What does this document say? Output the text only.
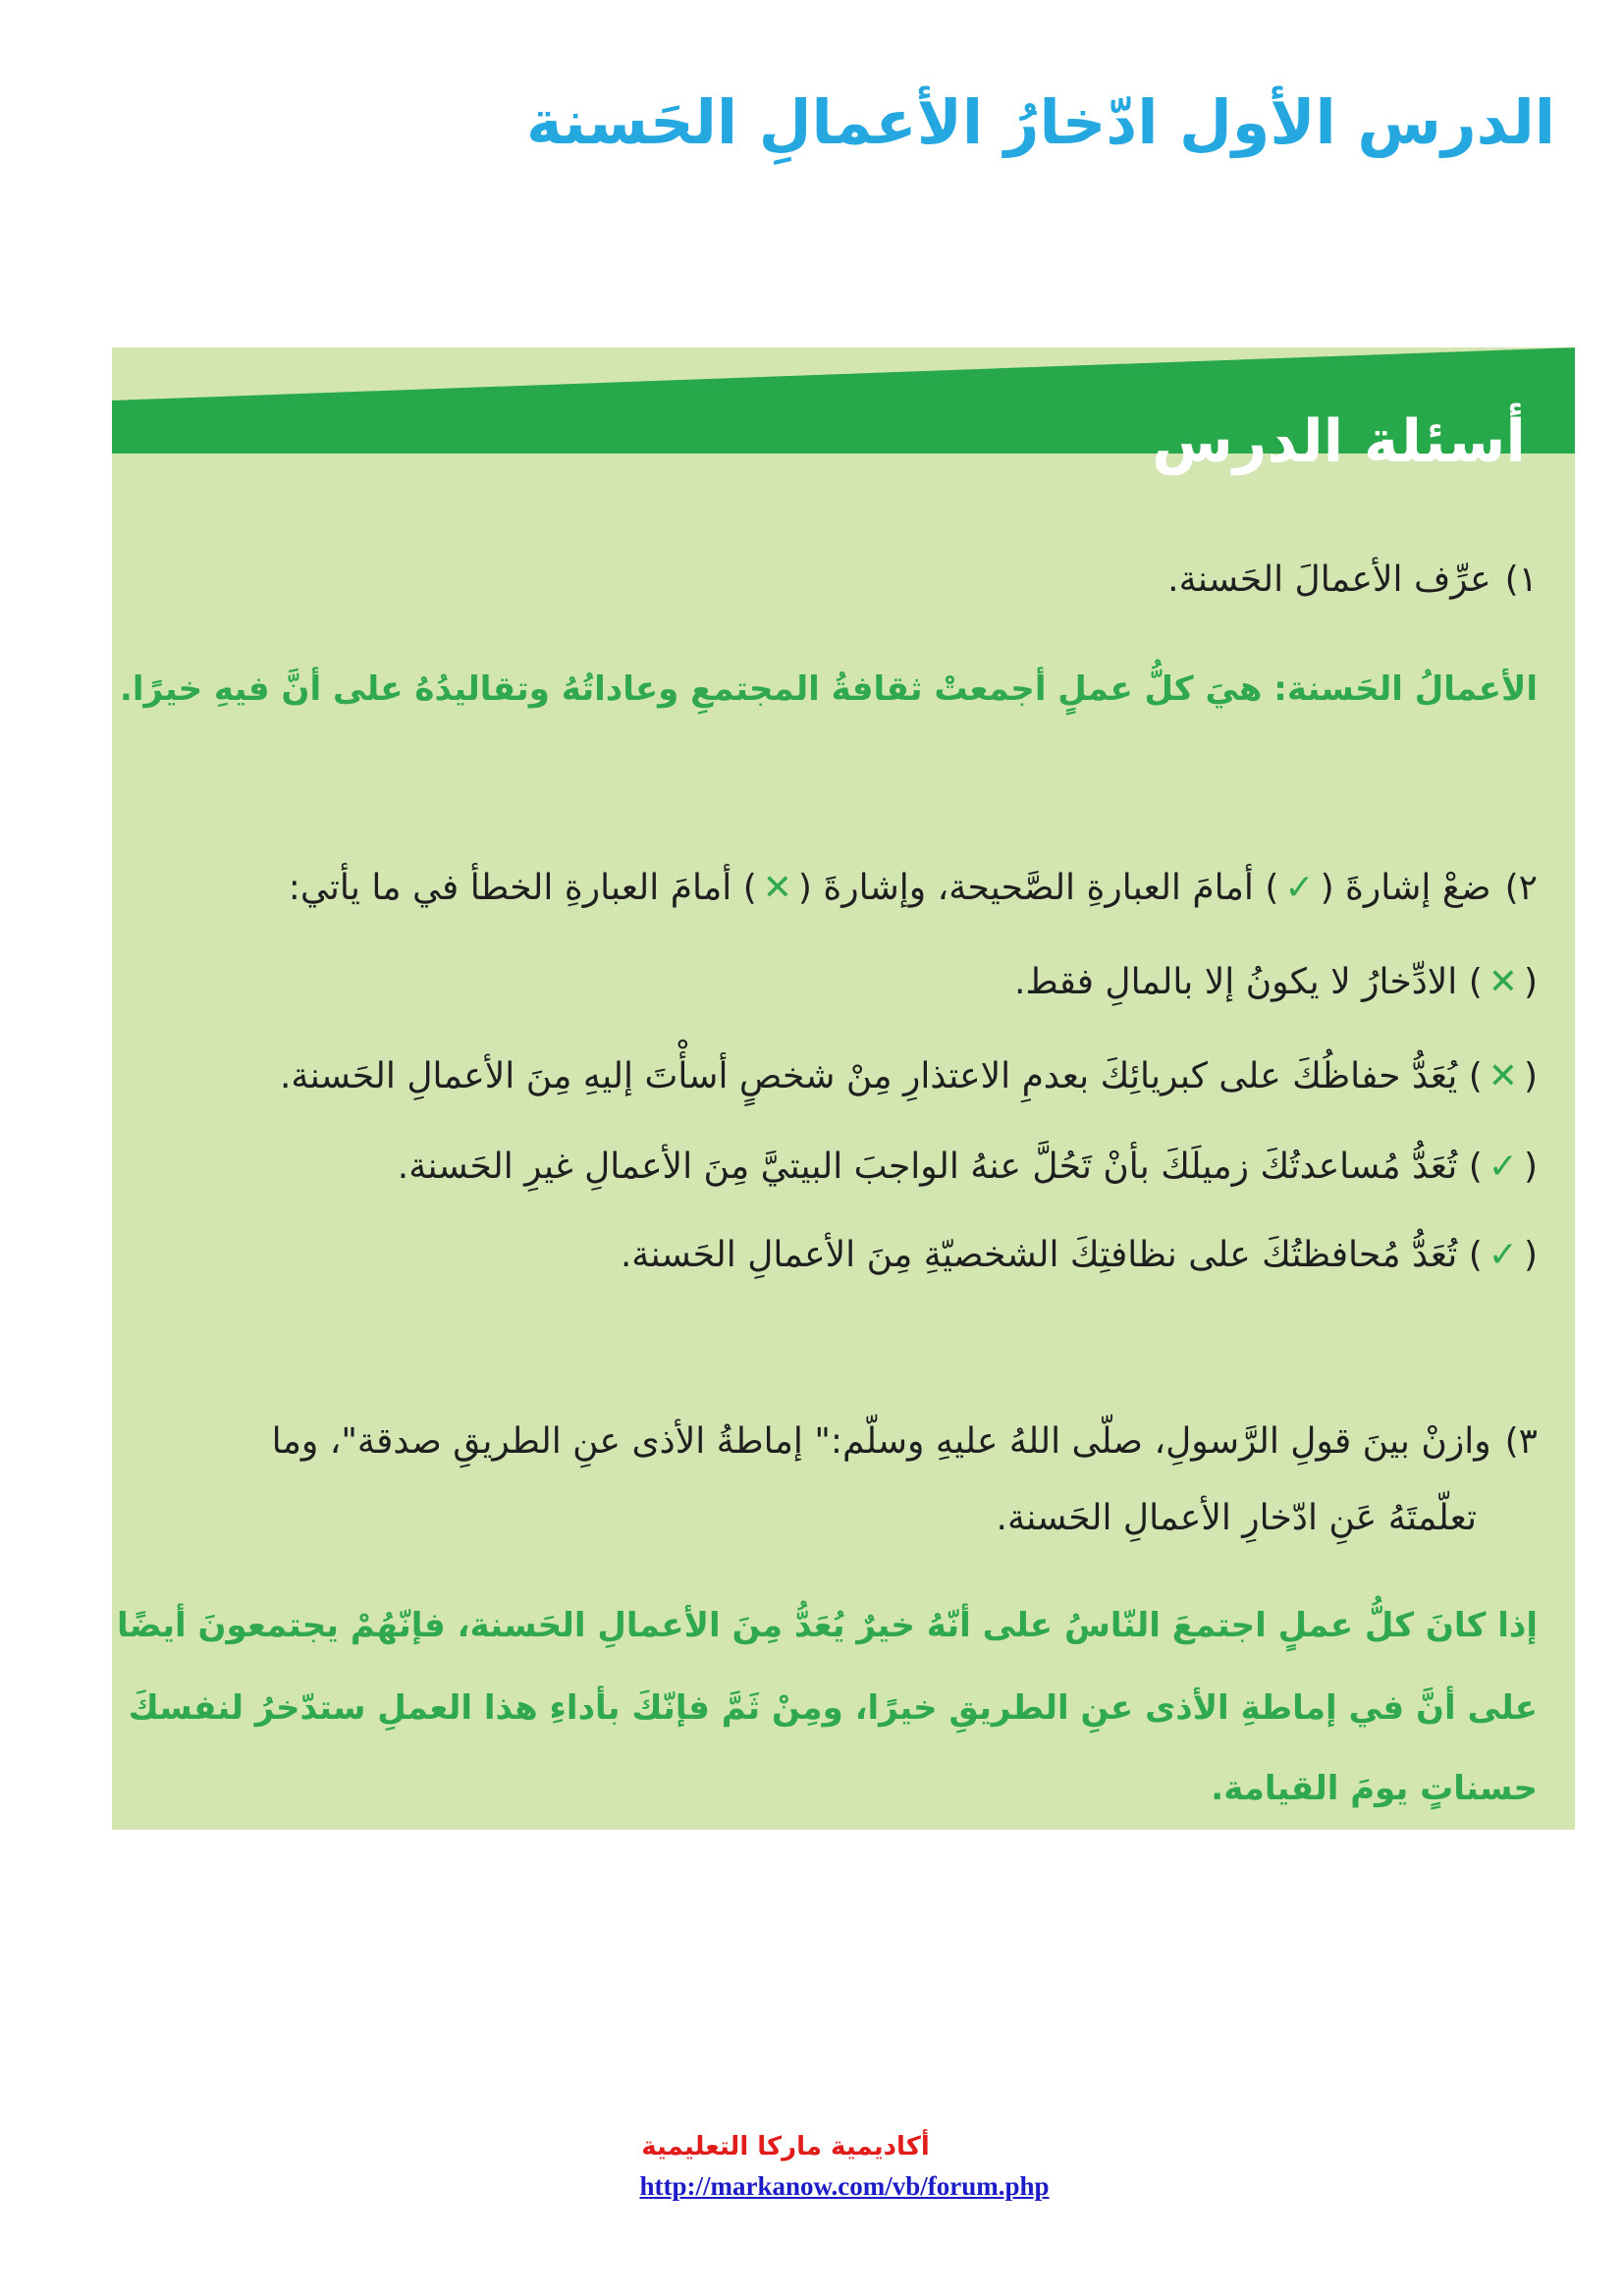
الدرس الأول ادّخارُ الأعمالِ الحَسنة
أسئلة الدرس

١)عرِّف الأعمالَ الحَسنة.

الأعمالُ الحَسنة: هيَ كلُّ عملٍ أجمعتْ ثقافةُ المجتمعِ وعاداتُهُ وتقاليدُهُ على أنَّ فيهِ خيرًا.

٢)ضعْ إشارةَ (✓) أمامَ العبارةِ الصَّحيحة، وإشارةَ (✕) أمامَ العبارةِ الخطأ في ما يأتي:

(✕) الادِّخارُ لا يكونُ إلا بالمالِ فقط.

(✕) يُعَدُّ حفاظُكَ على كبريائِكَ بعدمِ الاعتذارِ مِنْ شخصٍ أسأْتَ إليهِ مِنَ الأعمالِ الحَسنة.

(✓) تُعَدُّ مُساعدتُكَ زميلَكَ بأنْ تَحُلَّ عنهُ الواجبَ البيتيَّ مِنَ الأعمالِ غيرِ الحَسنة.

(✓) تُعَدُّ مُحافظتُكَ على نظافتِكَ الشخصيّةِ مِنَ الأعمالِ الحَسنة.

٣)وازنْ بينَ قولِ الرَّسولِ، صلّى اللهُ عليهِ وسلّم:" إماطةُ الأذى عنِ الطريقِ صدقة"، وما

تعلّمتَهُ عَنِ ادّخارِ الأعمالِ الحَسنة.

إذا كانَ كلُّ عملٍ اجتمعَ النّاسُ على أنّهُ خيرٌ يُعَدُّ مِنَ الأعمالِ الحَسنة، فإنّهُمْ يجتمعونَ أيضًا

على أنَّ في إماطةِ الأذى عنِ الطريقِ خيرًا، ومِنْ ثَمَّ فإنّكَ بأداءِ هذا العملِ ستدّخرُ لنفسكَ

حسناتٍ يومَ القيامة.

أكاديمية ماركا التعليمية

http://markanow.com/vb/forum.php
